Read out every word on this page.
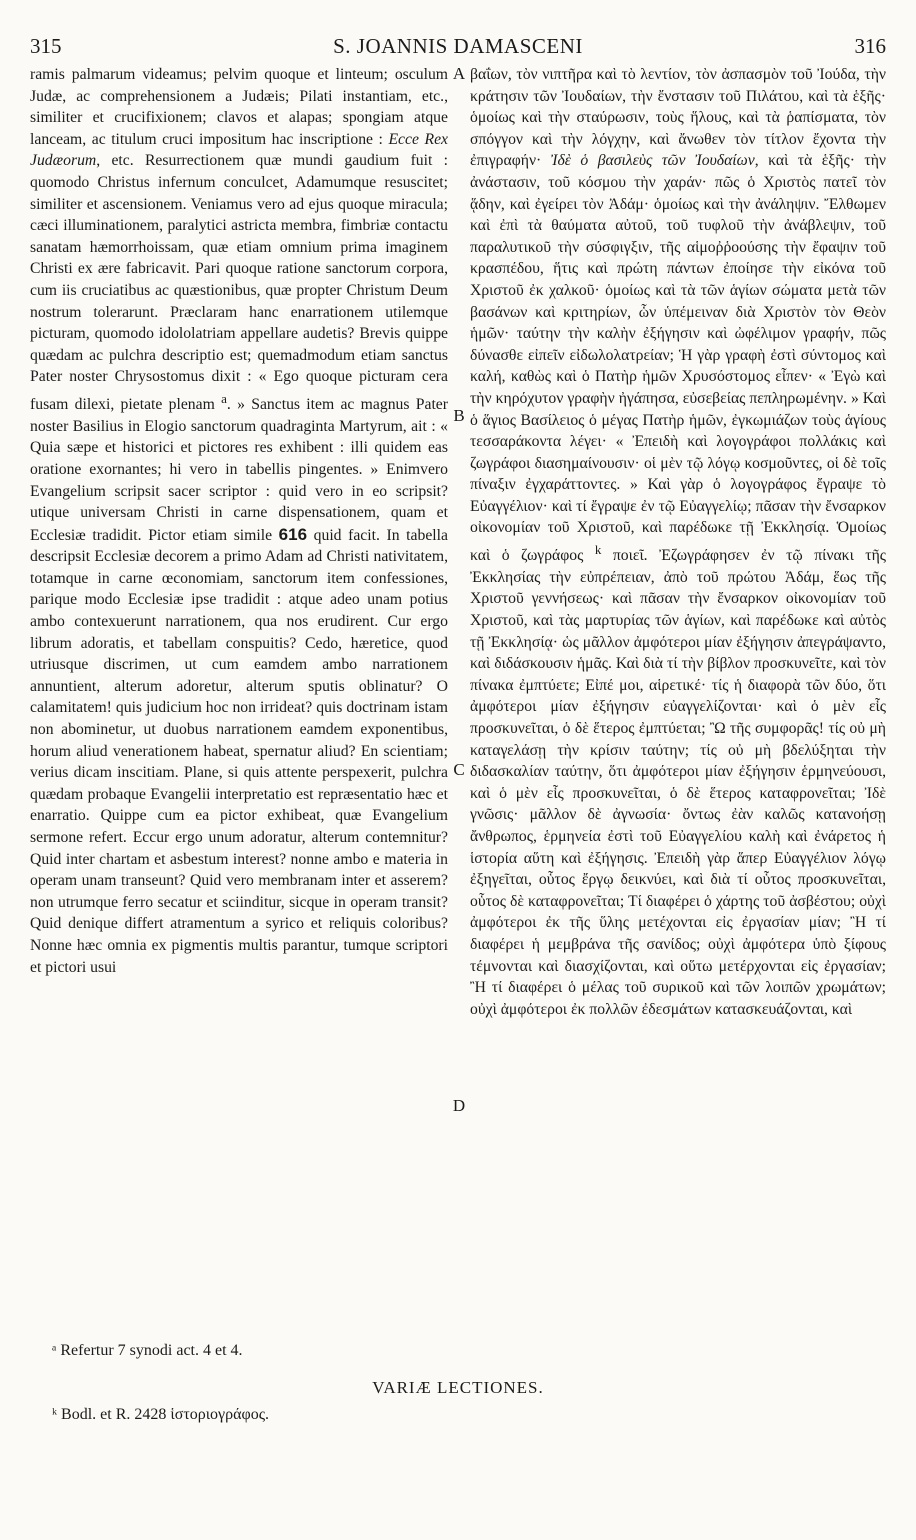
315	S. JOANNIS DAMASCENI	316
ramis palmarum videamus; pelvim quoque et linteum; osculum Judæ, ac comprehensionem a Judæis; Pilati instantiam, etc., similiter et crucifixionem; clavos et alapas; spongiam atque lanceam, ac titulum cruci impositum hac inscriptione : Ecce Rex Judæorum, etc. Resurrectionem quæ mundi gaudium fuit : quomodo Christus infernum conculcet, Adamumque resuscitet; similiter et ascensionem. Veniamus vero ad ejus quoque miracula; cæci illuminationem, paralytici astricta membra, fimbriæ contactu sanatam hæmorrhoissam, quæ etiam omnium prima imaginem Christi ex ære fabricavit. Pari quoque ratione sanctorum corpora, cum iis cruciatibus ac quæstionibus, quæ propter Christum Deum nostrum tolerarunt. Præclaram hanc enarrationem utilemque picturam, quomodo idololatriam appellare audetis? Brevis quippe quædam ac pulchra descriptio est; quemadmodum etiam sanctus Pater noster Chrysostomus dixit : « Ego quoque picturam cera fusam dilexi, pietate plenam $^a$. » Sanctus item ac magnus Pater noster Basilius in Elogio sanctorum quadraginta Martyrum, ait : « Quia sæpe et historici et pictores res exhibent : illi quidem eas oratione exornantes; hi vero in tabellis pingentes. » Enimvero Evangelium scripsit sacer scriptor : quid vero in eo scripsit? utique universam Christi in carne dispensationem, quam et Ecclesiæ tradidit. Pictor etiam simile 616 quid facit. In tabella descripsit Ecclesiæ decorem a primo Adam ad Christi nativitatem, totamque in carne œconomiam, sanctorum item confessiones, parique modo Ecclesiæ ipse tradidit : atque adeo unam potius ambo contexuerunt narrationem, qua nos erudirent. Cur ergo librum adoratis, et tabellam conspuitis? Cedo, hæretice, quod utriusque discrimen, ut cum eamdem ambo narrationem annuntient, alterum adoretur, alterum sputis oblinatur? O calamitatem! quis judicium hoc non irrideat? quis doctrinam istam non abominetur, ut duobus narrationem eamdem exponentibus, horum aliud venerationem habeat, spernatur aliud? En scientiam; verius dicam inscitiam. Plane, si quis attente perspexerit, pulchra quædam probaque Evangelii interpretatio est repræsentatio hæc et enarratio. Quippe cum ea pictor exhibeat, quæ Evangelium sermone refert. Eccur ergo unum adoratur, alterum contemnitur? Quid inter chartam et asbestum interest? nonne ambo e materia in operam unam transeunt? Quid vero membranam inter et asserem? non utrumque ferro secatur et sciinditur, sicque in operam transit? Quid denique differt atramentum a syrico et reliquis coloribus? Nonne hæc omnia ex pigmentis multis parantur, tumque scriptori et pictori usui
A
B
C
D
βαΐων, τὸν νιπτῆρα καὶ τὸ λεντίον, τὸν ἀσπασμὸν τοῦ Ἰούδα, τὴν κράτησιν τῶν Ἰουδαίων, τὴν ἔνστασιν τοῦ Πιλάτου, καὶ τὰ ἑξῆς· ὁμοίως καὶ τὴν σταύρωσιν, τοὺς ἥλους, καὶ τὰ ῥαπίσματα, τὸν σπόγγον καὶ τὴν λόγχην, καὶ ἄνωθεν τὸν τίτλον ἔχοντα τὴν ἐπιγραφήν· Ἰδὲ ὁ βασιλεὺς τῶν Ἰουδαίων, καὶ τὰ ἑξῆς· τὴν ἀνάστασιν, τοῦ κόσμου τὴν χαράν· πῶς ὁ Χριστὸς πατεῖ τὸν ᾅδην, καὶ ἐγείρει τὸν Ἀδάμ· ὁμοίως καὶ τὴν ἀνάληψιν. Ἔλθωμεν καὶ ἐπὶ τὰ θαύματα αὐτοῦ, τοῦ τυφλοῦ τὴν ἀνάβλεψιν, τοῦ παραλυτικοῦ τὴν σύσφιγξιν, τῆς αἱμοῤῥοούσης τὴν ἔφαψιν τοῦ κρασπέδου, ἥτις καὶ πρώτη πάντων ἐποίησε τὴν εἰκόνα τοῦ Χριστοῦ ἐκ χαλκοῦ· ὁμοίως καὶ τὰ τῶν ἁγίων σώματα μετὰ τῶν βασάνων καὶ κριτηρίων, ὧν ὑπέμειναν διὰ Χριστὸν τὸν Θεὸν ἡμῶν· ταύτην τὴν καλὴν ἐξήγησιν καὶ ὠφέλιμον γραφήν, πῶς δύνασθε εἰπεῖν εἰδωλολατρείαν; Ἡ γὰρ γραφὴ ἐστὶ σύντομος καὶ καλή, καθὼς καὶ ὁ Πατὴρ ἡμῶν Χρυσόστομος εἶπεν· « Ἐγὼ καὶ τὴν κηρόχυτον γραφὴν ἠγάπησα, εὐσεβείας πεπληρωμένην. » Καὶ ὁ ἅγιος Βασίλειος ὁ μέγας Πατὴρ ἡμῶν, ἐγκωμιάζων τοὺς ἁγίους τεσσαράκοντα λέγει· « Ἐπειδὴ καὶ λογογράφοι πολλάκις καὶ ζωγράφοι διασημαίνουσιν· οἱ μὲν τῷ λόγῳ κοσμοῦντες, οἱ δὲ τοῖς πίναξιν ἐγχαράττοντες. » Καὶ γὰρ ὁ λογογράφος ἔγραψε τὸ Εὐαγγέλιον· καὶ τί ἔγραψε ἐν τῷ Εὐαγγελίῳ; πᾶσαν τὴν ἔνσαρκον οἰκονομίαν τοῦ Χριστοῦ, καὶ παρέδωκε τῇ Ἐκκλησίᾳ. Ὁμοίως καὶ ὁ ζωγράφος $^k$ ποιεῖ. Ἐζωγράφησεν ἐν τῷ πίνακι τῆς Ἐκκλησίας τὴν εὐπρέπειαν, ἀπὸ τοῦ πρώτου Ἀδάμ, ἕως τῆς Χριστοῦ γεννήσεως· καὶ πᾶσαν τὴν ἔνσαρκον οἰκονομίαν τοῦ Χριστοῦ, καὶ τὰς μαρτυρίας τῶν ἁγίων, καὶ παρέδωκε καὶ αὐτὸς τῇ Ἐκκλησίᾳ· ὡς μᾶλλον ἀμφότεροι μίαν ἐξήγησιν ἀπεγράψαντο, καὶ διδάσκουσιν ἡμᾶς. Καὶ διὰ τί τὴν βίβλον προσκυνεῖτε, καὶ τὸν πίνακα ἐμπτύετε; Εἰπέ μοι, αἱρετικέ· τίς ἡ διαφορὰ τῶν δύο, ὅτι ἀμφότεροι μίαν ἐξήγησιν εὐαγγελίζονται· καὶ ὁ μὲν εἷς προσκυνεῖται, ὁ δὲ ἕτερος ἐμπτύεται; Ὢ τῆς συμφορᾶς! τίς οὐ μὴ καταγελάσῃ τὴν κρίσιν ταύτην; τίς οὐ μὴ βδελύξηται τὴν διδασκαλίαν ταύτην, ὅτι ἀμφότεροι μίαν ἐξήγησιν ἑρμηνεύουσι, καὶ ὁ μὲν εἷς προσκυνεῖται, ὁ δὲ ἕτερος καταφρονεῖται; Ἰδὲ γνῶσις· μᾶλλον δὲ ἀγνωσία· ὄντως ἐὰν καλῶς κατανοήσῃ ἄνθρωπος, ἑρμηνεία ἐστὶ τοῦ Εὐαγγελίου καλὴ καὶ ἐνάρετος ἡ ἱστορία αὕτη καὶ ἐξήγησις. Ἐπειδὴ γὰρ ἅπερ Εὐαγγέλιον λόγῳ ἐξηγεῖται, οὗτος ἔργῳ δεικνύει, καὶ διὰ τί οὗτος προσκυνεῖται, οὗτος δὲ καταφρονεῖται; Τί διαφέρει ὁ χάρτης τοῦ ἀσβέστου; οὐχὶ ἀμφότεροι ἐκ τῆς ὕλης μετέχονται εἰς ἐργασίαν μίαν; Ἢ τί διαφέρει ἡ μεμβράνα τῆς σανίδος; οὐχὶ ἀμφότερα ὑπὸ ξίφους τέμνονται καὶ διασχίζονται, καὶ οὕτω μετέρχονται εἰς ἐργασίαν; Ἢ τί διαφέρει ὁ μέλας τοῦ συρικοῦ καὶ τῶν λοιπῶν χρωμάτων; οὐχὶ ἀμφότεροι ἐκ πολλῶν ἐδεσμάτων κατασκευάζονται, καὶ
ᵃ Refertur 7 synodi act. 4 et 4.
VARIÆ LECTIONES.
ᵏ Bodl. et R. 2428 ἱστοριογράφος.
